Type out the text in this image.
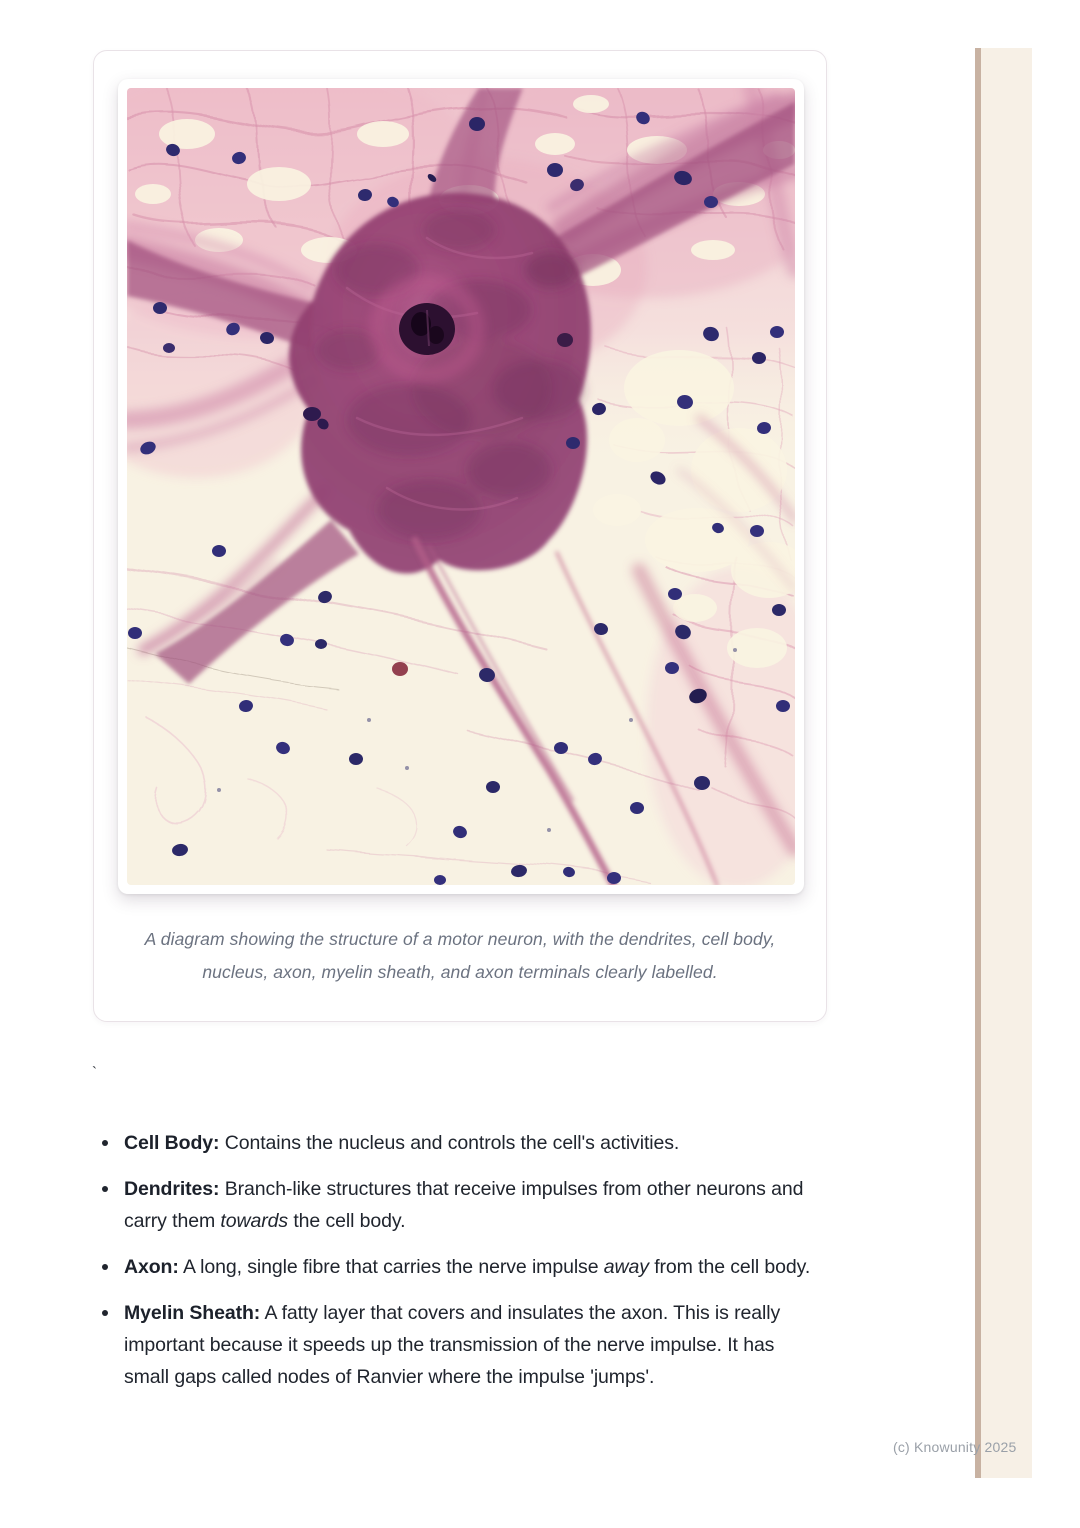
A diagram showing the structure of a motor neuron, with the dendrites, cell body, nucleus, axon, myelin sheath, and axon terminals clearly labelled.
`
Cell Body: Contains the nucleus and controls the cell's activities.
Dendrites: Branch-like structures that receive impulses from other neurons and carry them towards the cell body.
Axon: A long, single fibre that carries the nerve impulse away from the cell body.
Myelin Sheath: A fatty layer that covers and insulates the axon. This is really important because it speeds up the transmission of the nerve impulse. It has small gaps called nodes of Ranvier where the impulse 'jumps'.
(c) Knowunity 2025
